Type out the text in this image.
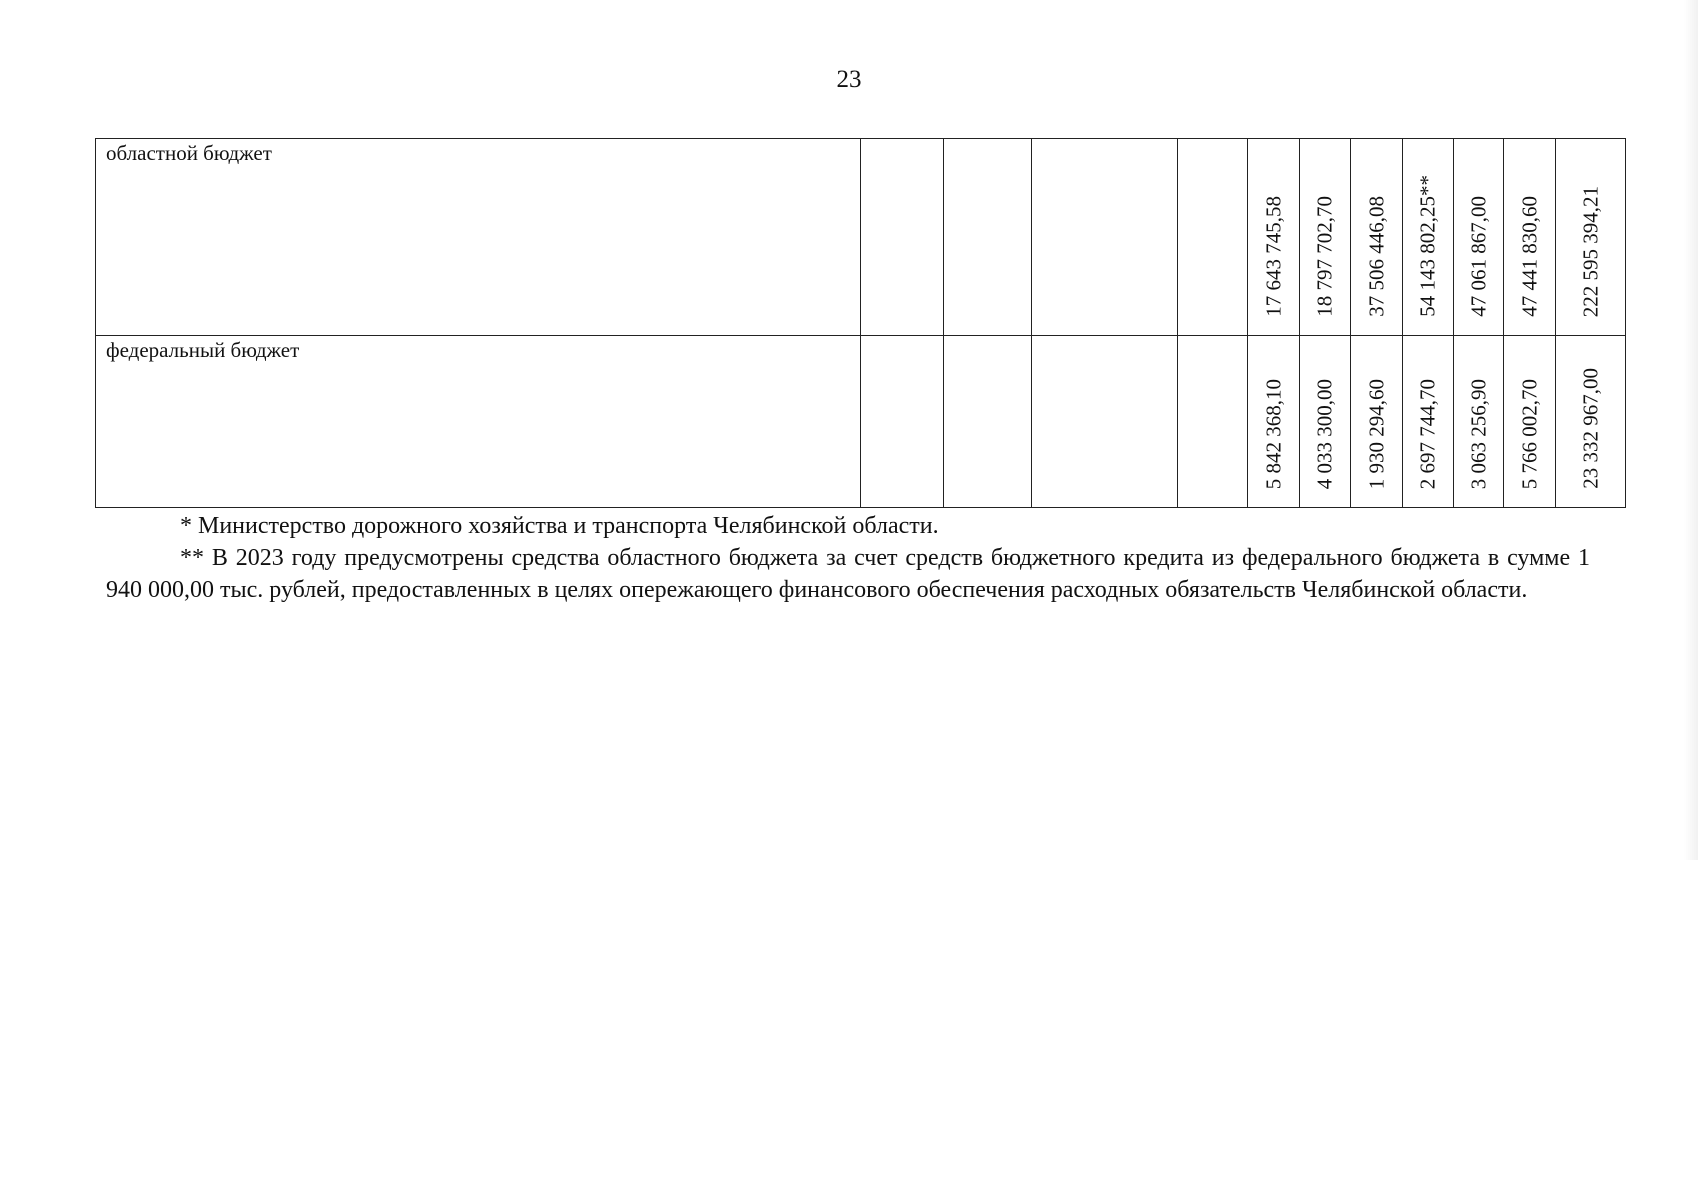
23
областной бюджет					17 643 745,58	18 797 702,70	37 506 446,08	54 143 802,25**	47 061 867,00	47 441 830,60	222 595 394,21

федеральный бюджет					5 842 368,10	4 033 300,00	1 930 294,60	2 697 744,70	3 063 256,90	5 766 002,70	23 332 967,00

* Министерство дорожного хозяйства и транспорта Челябинской области.

** В 2023 году предусмотрены средства областного бюджета за счет средств бюджетного кредита из федерального бюджета в сумме 1 940 000,00 тыс. рублей, предоставленных в целях опережающего финансового обеспечения расходных обязательств Челябинской области.
